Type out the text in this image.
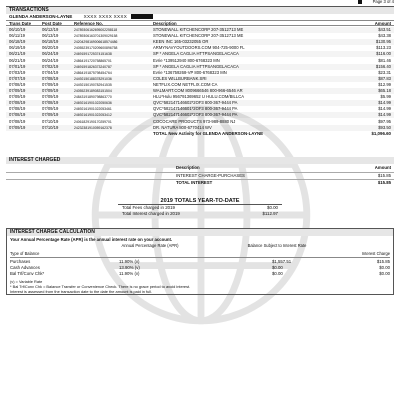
Page 3 of 4
TRANSACTIONS
GLENDA ANDERSON-LAYNE XXXX XXXX XXXX
Trans Date	Post Date	Reference No.	Description	Amount
06/10/19	06/12/19	24789306162695002258118	STONEWALL KITCHENCORP 207-3512713 ME	$43.51
06/11/19	06/13/19	24789306163701309029158	STONEWALL KITCHENCORP 207-3512713 ME	$43.38
06/18/19	06/18/19	24204298169006618574486	KEEN INC 165-03232055 OR	$130.95
06/19/19	06/20/19	24055239170209600896758	ARMYNAVYOUTDOORS.COM 904-725-9000 FL	$113.23
06/21/19	06/24/19	24691591725374151638	SP * ANGELA CAGLIA HTTPSANGELACACA	$116.00
06/21/19	06/24/19	24864191720758865701	Evrie *139512940 800-6768323 MN	$81.46
07/01/19	07/02/19	24691591826373240787	SP * ANGELA CAGLIA HTTPSANGELACACA	$156.40
07/03/19	07/04/19	24864191875798454764	Evrie *136759268-VP 800-6768323 MN	$23.31
07/07/19	07/08/19	24492150188378291036	COLES WILLBURBANK.SRI	$87.83
07/08/19	07/09/19	24492150190782941535	NETFLIX.COM NETFLIX.COM CA	$12.99
07/09/19	07/09/19	24055239189083151504	WALMART.COM 8009666546 800-966-6546 AR	$65.18
07/09/19	07/09/19	24843191890798863770	HLU*Hulu 956791369652 U HULU.COM/BILLCA	$5.99
07/08/19	07/08/19	24692161901022050636	QVC*582147146602*2OF3 800-367-9444 PA	$14.99
07/08/19	07/09/19	24692161901022053461	QVC*582147146601*2OF3 800-367-9444 PA	$14.99
07/08/19	07/09/19	24692161901022053412	QVC*582147146602*2OF3 800-367-9444 PA	$14.99
07/08/19	07/10/19	24061829190170259701	COCOCARE PRODUCTS 973-989-8880 NJ	$97.95
07/09/19	07/10/19	24232381910059162378	DR. NATURA 800-6770414 WV	$93.50
TOTAL New Activity for GLENDA ANDERSON-LAYNE	$1,096.60
INTEREST CHARGED
Description	Amount
INTEREST CHARGE-PURCHASES	$15.85
TOTAL INTEREST	$15.85
2019 TOTALS YEAR-TO-DATE
Total Fees charged in 2019	$0.00
Total Interest charged in 2019	$112.97
INTEREST CHARGE CALCULATION
Your Annual Percentage Rate (APR) is the annual interest rate on your account.
Type of Balance
Annual Percentage Rate (APR)	Balance Subject to Interest Rate
Interest Charge
Purchases	11.90% (v)	$1,557.51	$15.85
Cash Advances	13.90% (v)	$0.00	$0.00
Bal Trf/Conv Chk*	11.90% (v)	$0.00	$0.00
(v) = Variable Rate
* Bal Trf/Conv Chk = Balance Transfer or Convenience Check. There is no grace period to avoid interest.
Interest is assessed from the transaction date to the date the amount is paid in full.
